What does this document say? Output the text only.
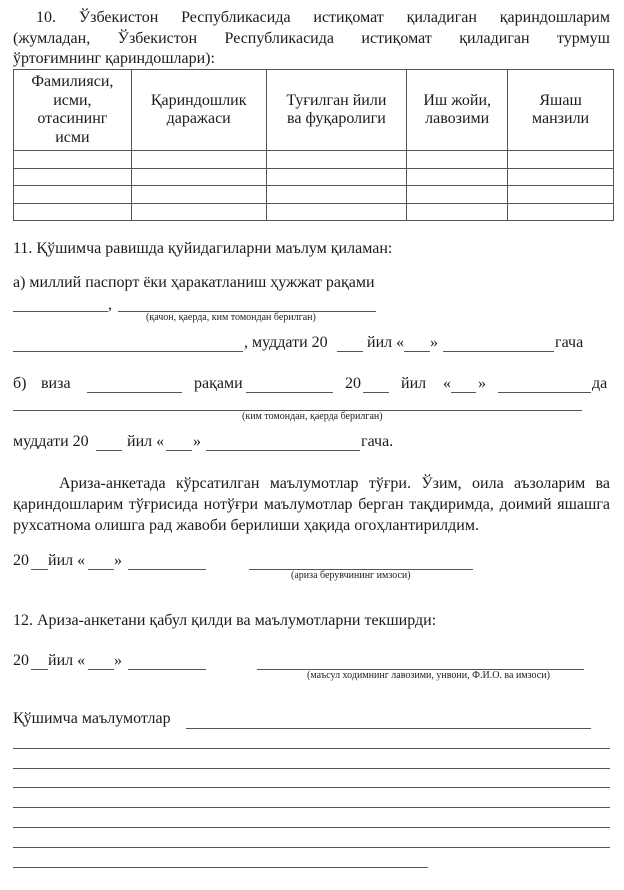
10. Ўзбекистон Республикасида истиқомат қиладиган қариндошларим
(жумладан, Ўзбекистон Республикасида истиқомат қиладиган турмуш
ўртоғимнинг қариндошлари):
Фамилияси, исми, отасининг исми	Қариндошлик даражаси	Туғилган йили ва фуқаролиги	Иш жойи, лавозими	Яшаш манзили

11. Қўшимча равишда қуйидагиларни маълум қиламан:
а) миллий паспорт ёки ҳаракатланиш ҳужжат рақами
,
(қачон, қаерда, ким томондан берилган)
, муддати 20 йил « »	гача
б) виза	рақами	20	йил « »	да
(ким томондан, қаерда берилган)
муддати 20 йил « »	гача.
Ариза-анкетада кўрсатилган маълумотлар тўғри. Ўзим, оила аъзоларим ва қариндошларим тўғрисида нотўғри маълумотлар берган тақдиримда, доимий яшашга рухсатнома олишга рад жавоби берилиши ҳақида огоҳлантирилдим.
20 йил « »
(ариза берувчининг имзоси)
12. Ариза-анкетани қабул қилди ва маълумотларни текширди:
20 йил « »
(маъсул ходимнинг лавозими, унвони, Ф.И.О. ва имзоси)
Қўшимча маълумотлар
